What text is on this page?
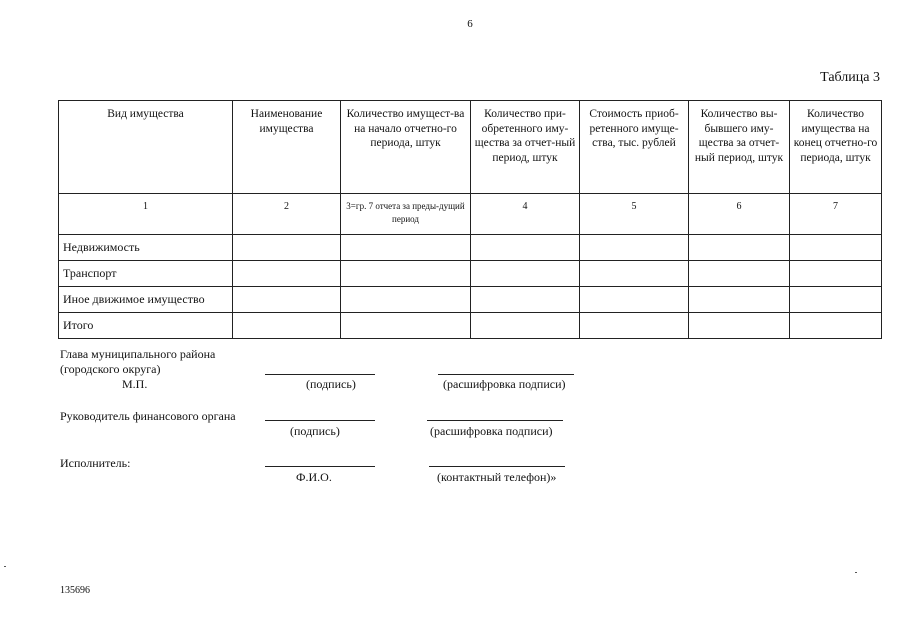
6
Таблица 3
Вид имущества	Наименование имущества	Количество имущест-ва на начало отчетно-го периода, штук	Количество при-обретенного иму-щества за отчет-ный период, штук	Стоимость приоб-ретенного имуще-ства, тыс. рублей	Количество вы-бывшего иму-щества за отчет-ный период, штук	Количество имущества на конец отчетно-го периода, штук
1	2	3=гр. 7 отчета за преды-дущий период	4	5	6	7
Недвижимость						
Транспорт						
Иное движимое имущество						
Итого						
Глава муниципального района
(городского округа)
М.П.	(подпись)	(расшифровка подписи)
Руководитель финансового органа
(подпись)	(расшифровка подписи)
Исполнитель:
Ф.И.О.	(контактный телефон)»
135696
